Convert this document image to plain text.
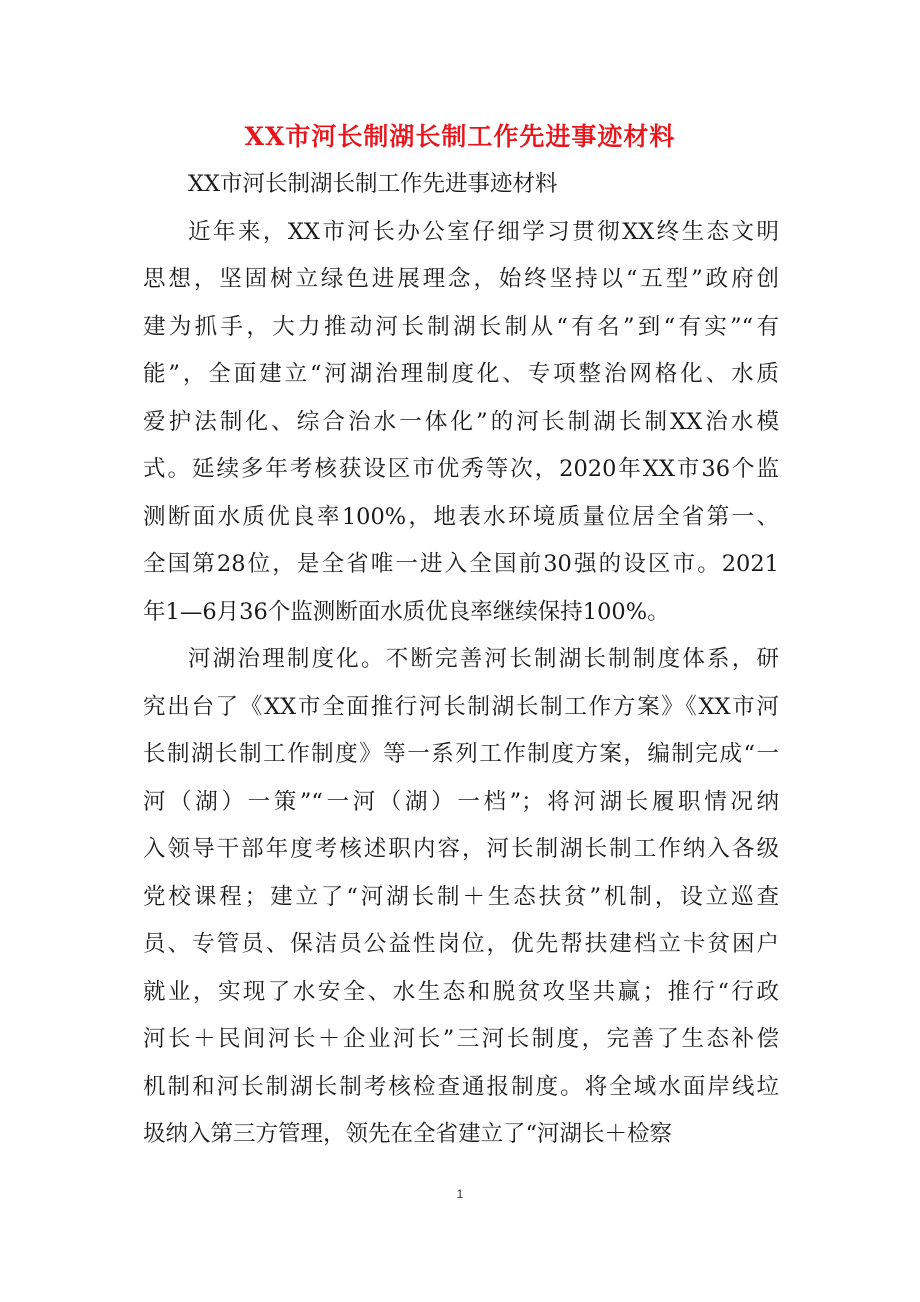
XX市河长制湖长制工作先进事迹材料
XX市河长制湖长制工作先进事迹材料
近年来，XX市河长办公室仔细学习贯彻XX终生态文明
思想，坚固树立绿色进展理念，始终坚持以“五型”政府创
建为抓手，大力推动河长制湖长制从“有名”到“有实”“有
能”，全面建立“河湖治理制度化、专项整治网格化、水质
爱护法制化、综合治水一体化”的河长制湖长制XX治水模
式。延续多年考核获设区市优秀等次，2020年XX市36个监
测断面水质优良率100%，地表水环境质量位居全省第一、
全国第28位，是全省唯一进入全国前30强的设区市。2021
年1—6月36个监测断面水质优良率继续保持100%。
河湖治理制度化。不断完善河长制湖长制制度体系，研
究出台了《XX市全面推行河长制湖长制工作方案》《XX市河
长制湖长制工作制度》等一系列工作制度方案，编制完成“一
河（湖）一策”“一河（湖）一档”；将河湖长履职情况纳
入领导干部年度考核述职内容，河长制湖长制工作纳入各级
党校课程；建立了“河湖长制＋生态扶贫”机制，设立巡查
员、专管员、保洁员公益性岗位，优先帮扶建档立卡贫困户
就业，实现了水安全、水生态和脱贫攻坚共赢；推行“行政
河长＋民间河长＋企业河长”三河长制度，完善了生态补偿
机制和河长制湖长制考核检查通报制度。将全域水面岸线垃
圾纳入第三方管理，领先在全省建立了“河湖长＋检察
1
